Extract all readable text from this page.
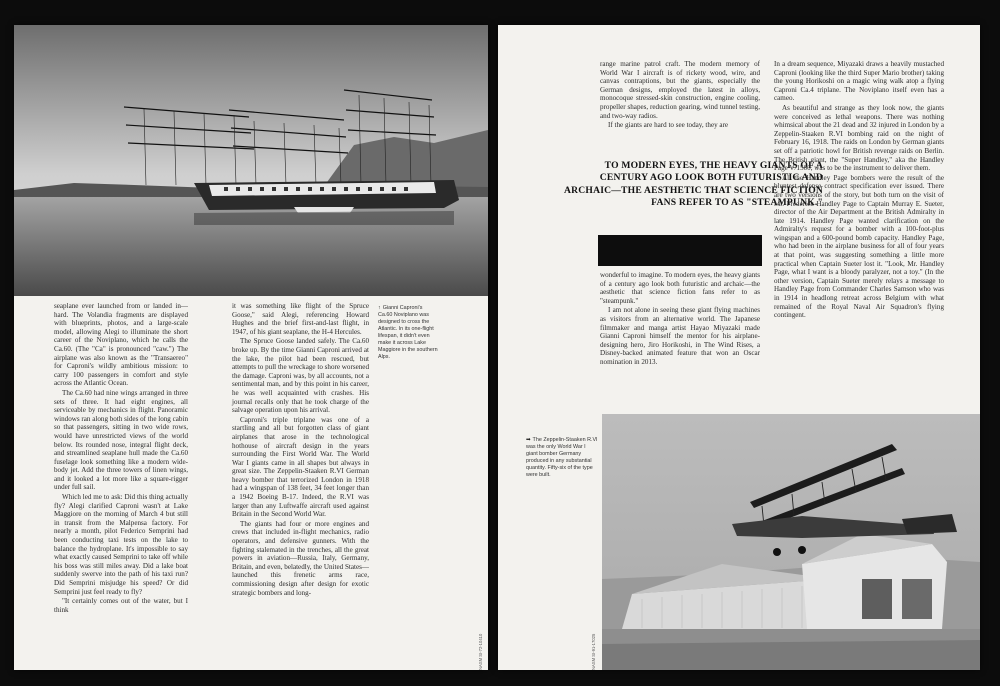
seaplane ever launched from or landed in—hard. The Volandia fragments are displayed with blueprints, photos, and a large-scale model, allowing Alegi to illuminate the short career of the Noviplano, which he calls the Ca.60. (The "Ca" is pronounced "caw.") The airplane was also known as the "Transaereo" for Caproni's wildly ambitious mission: to carry 100 passengers in comfort and style across the Atlantic Ocean.

The Ca.60 had nine wings arranged in three sets of three. It had eight engines, all serviceable by mechanics in flight. Panoramic windows ran along both sides of the long cabin so that passengers, sitting in two wide rows, would have unrestricted views of the world below. Its rounded nose, integral flight deck, and streamlined seaplane hull made the Ca.60 fuselage look something like a modern wide-body jet. Add the three towers of linen wings, and it looked a lot more like a square-rigger under full sail.

Which led me to ask: Did this thing actually fly? Alegi clarified Caproni wasn't at Lake Maggiore on the morning of March 4 but still in transit from the Malpensa factory. For nearly a month, pilot Federico Semprini had been conducting taxi tests on the lake to balance the hydroplane. It's impossible to say what exactly caused Semprini to take off while his boss was still miles away. Did a lake boat suddenly swerve into the path of his taxi run? Did Semprini misjudge his speed? Or did Semprini just feel ready to fly?

"It certainly comes out of the water, but I think

it was something like flight of the Spruce Goose," said Alegi, referencing Howard Hughes and the brief first-and-last flight, in 1947, of his giant seaplane, the H-4 Hercules.

The Spruce Goose landed safely. The Ca.60 broke up. By the time Gianni Caproni arrived at the lake, the pilot had been rescued, but attempts to pull the wreckage to shore worsened the damage. Caproni was, by all accounts, not a sentimental man, and by this point in his career, he was well acquainted with crashes. His journal recalls only that he took charge of the salvage operation upon his arrival.

Caproni's triple triplane was one of a startling and all but forgotten class of giant airplanes that arose in the technological hothouse of aircraft design in the years surrounding the First World War. The World War I giants came in all shapes but always in great size. The Zeppelin-Staaken R.VI German heavy bomber that terrorized London in 1918 had a wingspan of 138 feet, 34 feet longer than a 1942 Boeing B-17. Indeed, the R.VI was larger than any Luftwaffe aircraft used against Britain in the Second World War.

The giants had four or more engines and crews that included in-flight mechanics, radio operators, and defensive gunners. With the fighting stalemated in the trenches, all the great powers in aviation—Russia, Italy, Germany, Britain, and even, belatedly, the United States—launched this frenetic arms race, commissioning design after design for exotic strategic bombers and long-

↑ Gianni Caproni's Ca.60 Noviplano was designed to cross the Atlantic. In its one-flight lifespan, it didn't even make it across Lake Maggiore in the southern Alps.
NASM SI-72-10410

range marine patrol craft. The modern memory of World War I aircraft is of rickety wood, wire, and canvas contraptions, but the giants, especially the German designs, employed the latest in alloys, monocoque stressed-skin construction, engine cooling, propeller shapes, reduction gearing, wind tunnel testing, and two-way radios.

If the giants are hard to see today, they are

TO MODERN EYES, THE HEAVY GIANTS OF A CENTURY AGO LOOK BOTH FUTURISTIC AND ARCHAIC—THE AESTHETIC THAT SCIENCE FICTION FANS REFER TO AS "STEAMPUNK."

wonderful to imagine. To modern eyes, the heavy giants of a century ago look both futuristic and archaic—the aesthetic that science fiction fans refer to as "steampunk."

I am not alone in seeing these giant flying machines as visitors from an alternative world. The Japanese filmmaker and manga artist Hayao Miyazaki made Gianni Caproni himself the mentor for his airplane-designing hero, Jiro Horikoshi, in The Wind Rises, a Disney-backed animated feature that won an Oscar nomination in 2013.

In a dream sequence, Miyazaki draws a heavily mustached Caproni (looking like the third Super Mario brother) taking the young Horikoshi on a magic wing walk atop a flying Caproni Ca.4 triplane. The Noviplano itself even has a cameo.

As beautiful and strange as they look now, the giants were conceived as lethal weapons. There was nothing whimsical about the 21 dead and 32 injured in London by a Zeppelin-Staaken R.VI bombing raid on the night of February 16, 1918. The raids on London by German giants set off a patriotic howl for British revenge raids on Berlin. The British giant, the "Super Handley," aka the Handley Page V/1500, was to be the instrument to deliver them.

All the Handley Page bombers were the result of the bluntest defense contract specification ever issued. There are two versions of the story, but both turn on the visit of Mr. Frederick Handley Page to Captain Murray E. Sueter, director of the Air Department at the British Admiralty in late 1914. Handley Page wanted clarification on the Admiralty's request for a bomber with a 100-foot-plus wingspan and a 600-pound bomb capacity. Handley Page, who had been in the airplane business for all of four years at that point, was suggesting something a little more practical when Captain Sueter lost it. "Look, Mr. Handley Page, what I want is a bloody paralyzer, not a toy." (In the other version, Captain Sueter merely relays a message to Handley Page from Commander Charles Samson who was in 1914 in headlong retreat across Belgium with what remained of the Royal Naval Air Squadron's flying contingent.

➡ The Zeppelin-Staaken R.VI was the only World War I giant bomber Germany produced in any substantial quantity. Fifty-six of the type were built.
NASM SI-91-17025
